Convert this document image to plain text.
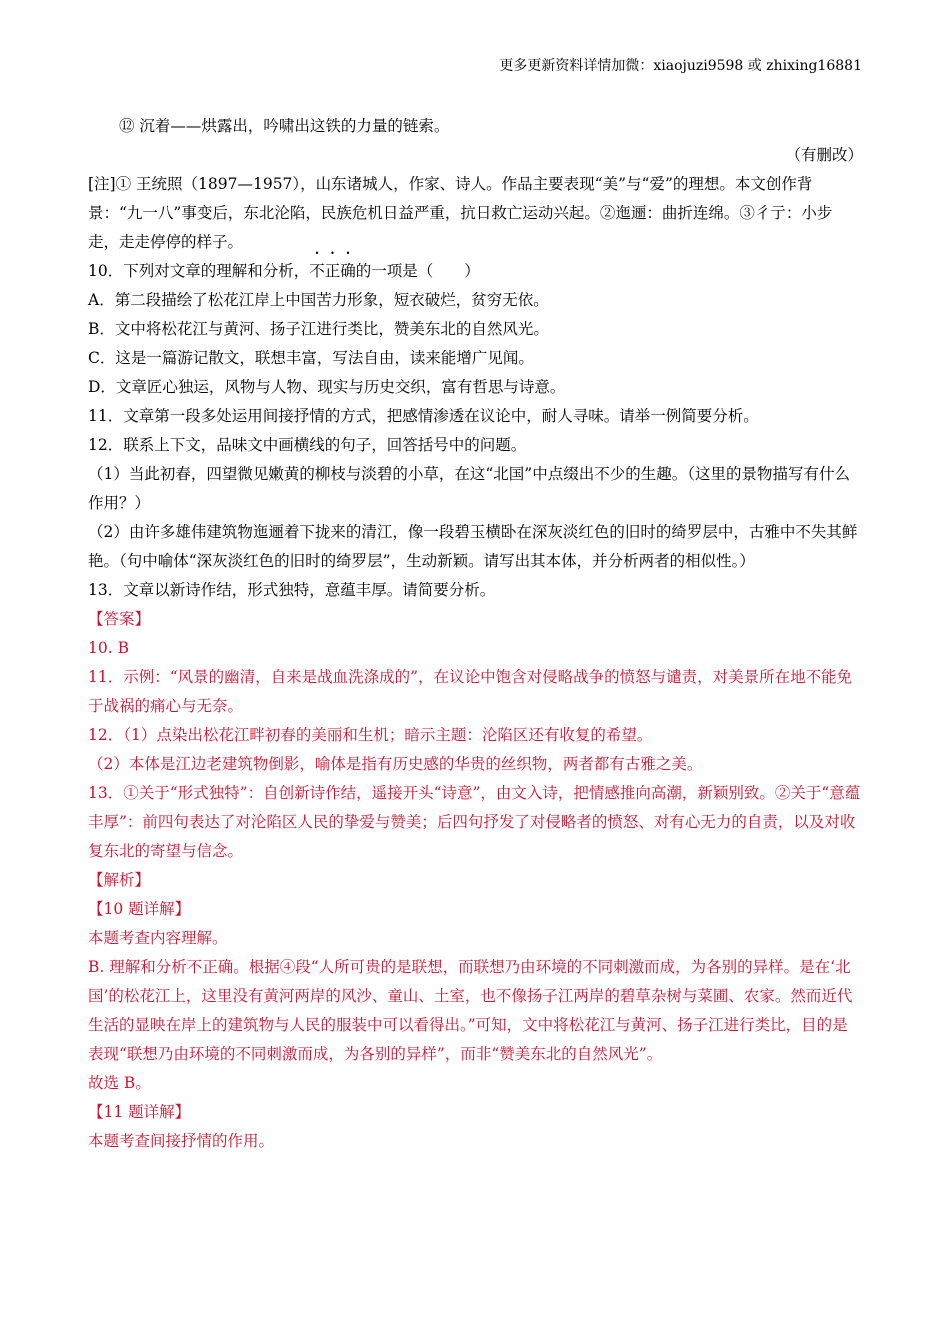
更多更新资料详情加微：xiaojuzi9598 或 zhixing16881

⑫ 沉着——烘露出，吟啸出这铁的力量的链索。

（有删改）

[注]① 王统照（1897—1957），山东诸城人，作家、诗人。作品主要表现“美”与“爱”的理想。本文创作背景：“九一八”事变后，东北沦陷，民族危机日益严重，抗日救亡运动兴起。②迤逦：曲折连绵。③彳亍：小步走，走走停停的样子。

10．下列对文章的理解和分析，不正确的一项是（　　）

A．第二段描绘了松花江岸上中国苦力形象，短衣破烂，贫穷无依。

B．文中将松花江与黄河、扬子江进行类比，赞美东北的自然风光。

C．这是一篇游记散文，联想丰富，写法自由，读来能增广见闻。

D．文章匠心独运，风物与人物、现实与历史交织，富有哲思与诗意。

11．文章第一段多处运用间接抒情的方式，把感情渗透在议论中，耐人寻味。请举一例简要分析。

12．联系上下文，品味文中画横线的句子，回答括号中的问题。

（1）当此初春，四望微见嫩黄的柳枝与淡碧的小草，在这“北国”中点缀出不少的生趣。（这里的景物描写有什么作用？）

（2）由许多雄伟建筑物迤逦着下拢来的清江，像一段碧玉横卧在深灰淡红色的旧时的绮罗层中，古雅中不失其鲜艳。（句中喻体“深灰淡红色的旧时的绮罗层”，生动新颖。请写出其本体，并分析两者的相似性。）

13．文章以新诗作结，形式独特，意蕴丰厚。请简要分析。

【答案】

10. B

11．示例：“风景的幽清，自来是战血洗涤成的”，在议论中饱含对侵略战争的愤怒与谴责，对美景所在地不能免于战祸的痛心与无奈。

12．（1）点染出松花江畔初春的美丽和生机；暗示主题：沦陷区还有收复的希望。

（2）本体是江边老建筑物倒影，喻体是指有历史感的华贵的丝织物，两者都有古雅之美。

13．①关于“形式独特”：自创新诗作结，遥接开头“诗意”，由文入诗，把情感推向高潮，新颖别致。②关于“意蕴丰厚”：前四句表达了对沦陷区人民的挚爱与赞美；后四句抒发了对侵略者的愤怒、对有心无力的自责，以及对收复东北的寄望与信念。

【解析】

【10 题详解】

本题考查内容理解。

B. 理解和分析不正确。根据④段“人所可贵的是联想，而联想乃由环境的不同刺激而成，为各别的异样。是在‘北国’的松花江上，这里没有黄河两岸的风沙、童山、土室，也不像扬子江两岸的碧草杂树与菜圃、农家。然而近代生活的显映在岸上的建筑物与人民的服装中可以看得出。”可知，文中将松花江与黄河、扬子江进行类比，目的是表现“联想乃由环境的不同刺激而成，为各别的异样”，而非“赞美东北的自然风光”。

故选 B。

【11 题详解】

本题考查间接抒情的作用。
